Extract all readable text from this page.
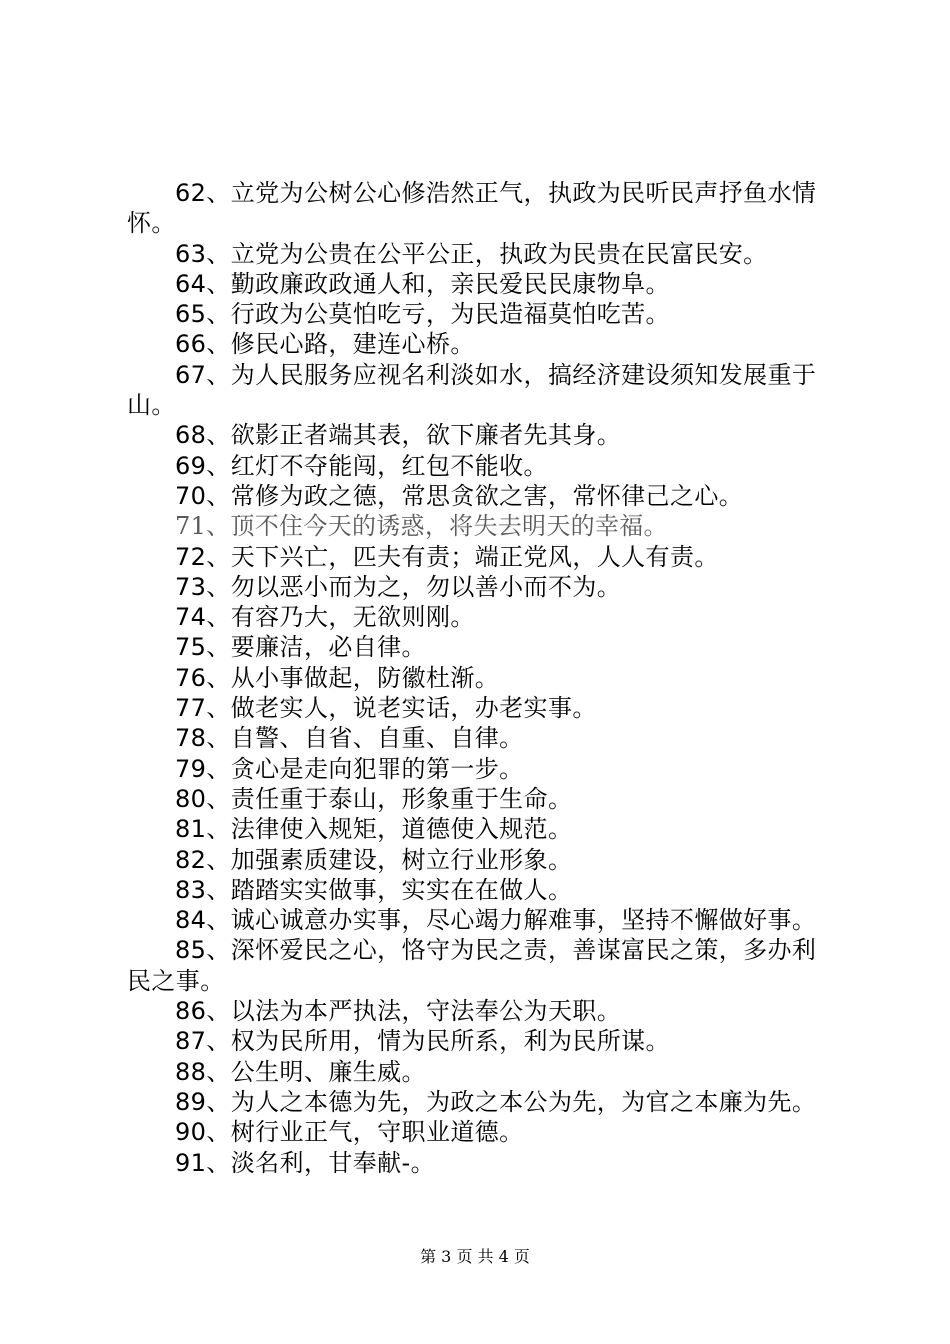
62、立党为公树公心修浩然正气，执政为民听民声抒鱼水情怀。

63、立党为公贵在公平公正，执政为民贵在民富民安。

64、勤政廉政政通人和，亲民爱民民康物阜。

65、行政为公莫怕吃亏，为民造福莫怕吃苦。

66、修民心路，建连心桥。

67、为人民服务应视名利淡如水，搞经济建设须知发展重于山。

68、欲影正者端其表，欲下廉者先其身。

69、红灯不夺能闯，红包不能收。

70、常修为政之德，常思贪欲之害，常怀律己之心。

71、顶不住今天的诱惑，将失去明天的幸福。

72、天下兴亡，匹夫有责；端正党风，人人有责。

73、勿以恶小而为之，勿以善小而不为。

74、有容乃大，无欲则刚。

75、要廉洁，必自律。

76、从小事做起，防徽杜渐。

77、做老实人，说老实话，办老实事。

78、自警、自省、自重、自律。

79、贪心是走向犯罪的第一步。

80、责任重于泰山，形象重于生命。

81、法律使入规矩，道德使入规范。

82、加强素质建设，树立行业形象。

83、踏踏实实做事，实实在在做人。

84、诚心诚意办实事，尽心竭力解难事，坚持不懈做好事。

85、深怀爱民之心，恪守为民之责，善谋富民之策，多办利民之事。

86、以法为本严执法，守法奉公为天职。

87、权为民所用，情为民所系，利为民所谋。

88、公生明、廉生威。

89、为人之本德为先，为政之本公为先，为官之本廉为先。

90、树行业正气，守职业道德。

91、淡名利，甘奉献-。

第 3 页 共 4 页
